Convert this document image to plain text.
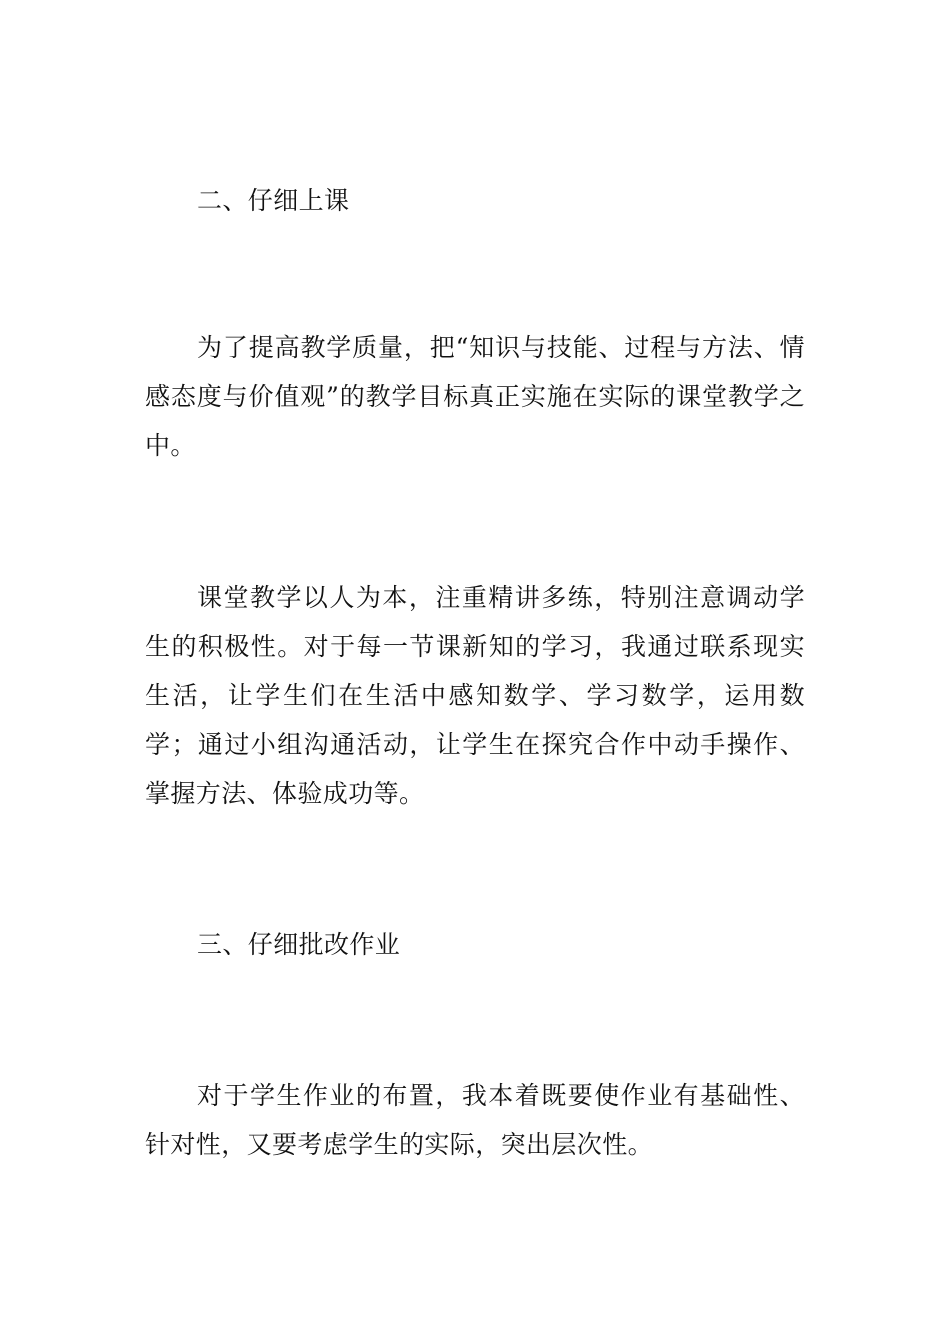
二、仔细上课

为了提高教学质量，把“知识与技能、过程与方法、情感态度与价值观”的教学目标真正实施在实际的课堂教学之中。

课堂教学以人为本，注重精讲多练，特别注意调动学生的积极性。对于每一节课新知的学习，我通过联系现实生活，让学生们在生活中感知数学、学习数学，运用数学；通过小组沟通活动，让学生在探究合作中动手操作、掌握方法、体验成功等。

三、仔细批改作业

对于学生作业的布置，我本着既要使作业有基础性、针对性，又要考虑学生的实际，突出层次性。
